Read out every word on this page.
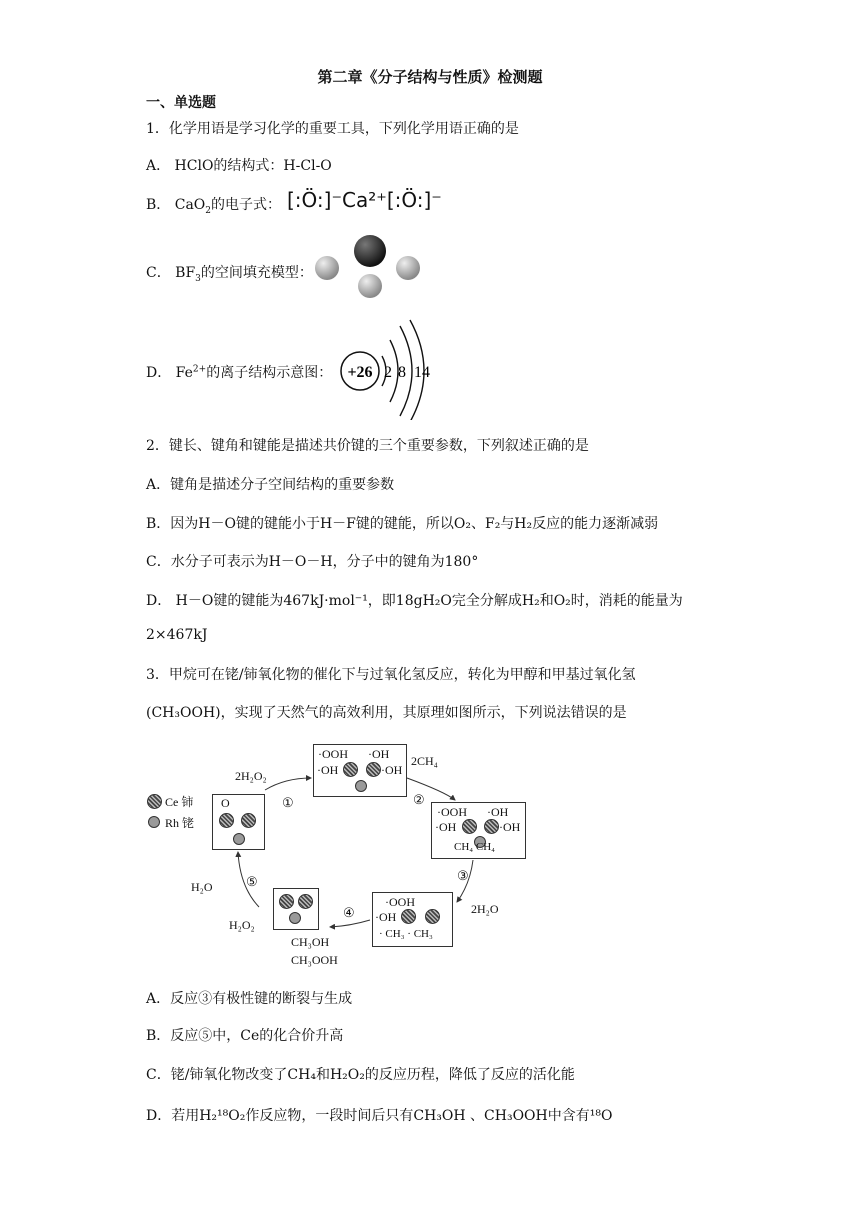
第二章《分子结构与性质》检测题
一、单选题
1．化学用语是学习化学的重要工具，下列化学用语正确的是
A． HClO的结构式：H-Cl-O
B． CaO$_2$的电子式： [:Ö:]⁻Ca²⁺[:Ö:]⁻
C． $BF_3$的空间填充模型：
D． $Fe^{2+}$的离子结构示意图： +26 2 8 14
2．键长、键角和键能是描述共价键的三个重要参数，下列叙述正确的是
A．键角是描述分子空间结构的重要参数
B．因为H－O键的键能小于H－F键的键能，所以O₂、F₂与H₂反应的能力逐渐减弱
C．水分子可表示为H－O－H，分子中的键角为180°
D． H－O键的键能为467kJ·mol⁻¹，即18gH₂O完全分解成H₂和O₂时，消耗的能量为
2×467kJ
3．甲烷可在铑/铈氧化物的催化下与过氧化氢反应，转化为甲醇和甲基过氧化氢
(CH₃OOH)，实现了天然气的高效利用，其原理如图所示，下列说法错误的是
Ce 铈
Rh 铑
O
2H₂O₂
①
·OOH ·OH
·OH	·OH
2CH₄
②
·OOH ·OH
·OH	·OH
CH₄ CH₄
③
2H₂O
·OOH
·OH
· CH₃ · CH₃
④
CH₃OH
CH₃OOH
⑤
H₂O
H₂O₂
A．反应③有极性键的断裂与生成
B．反应⑤中，Ce的化合价升高
C．铑/铈氧化物改变了CH₄和H₂O₂的反应历程，降低了反应的活化能
D．若用H₂¹⁸O₂作反应物，一段时间后只有CH₃OH 、CH₃OOH中含有¹⁸O
